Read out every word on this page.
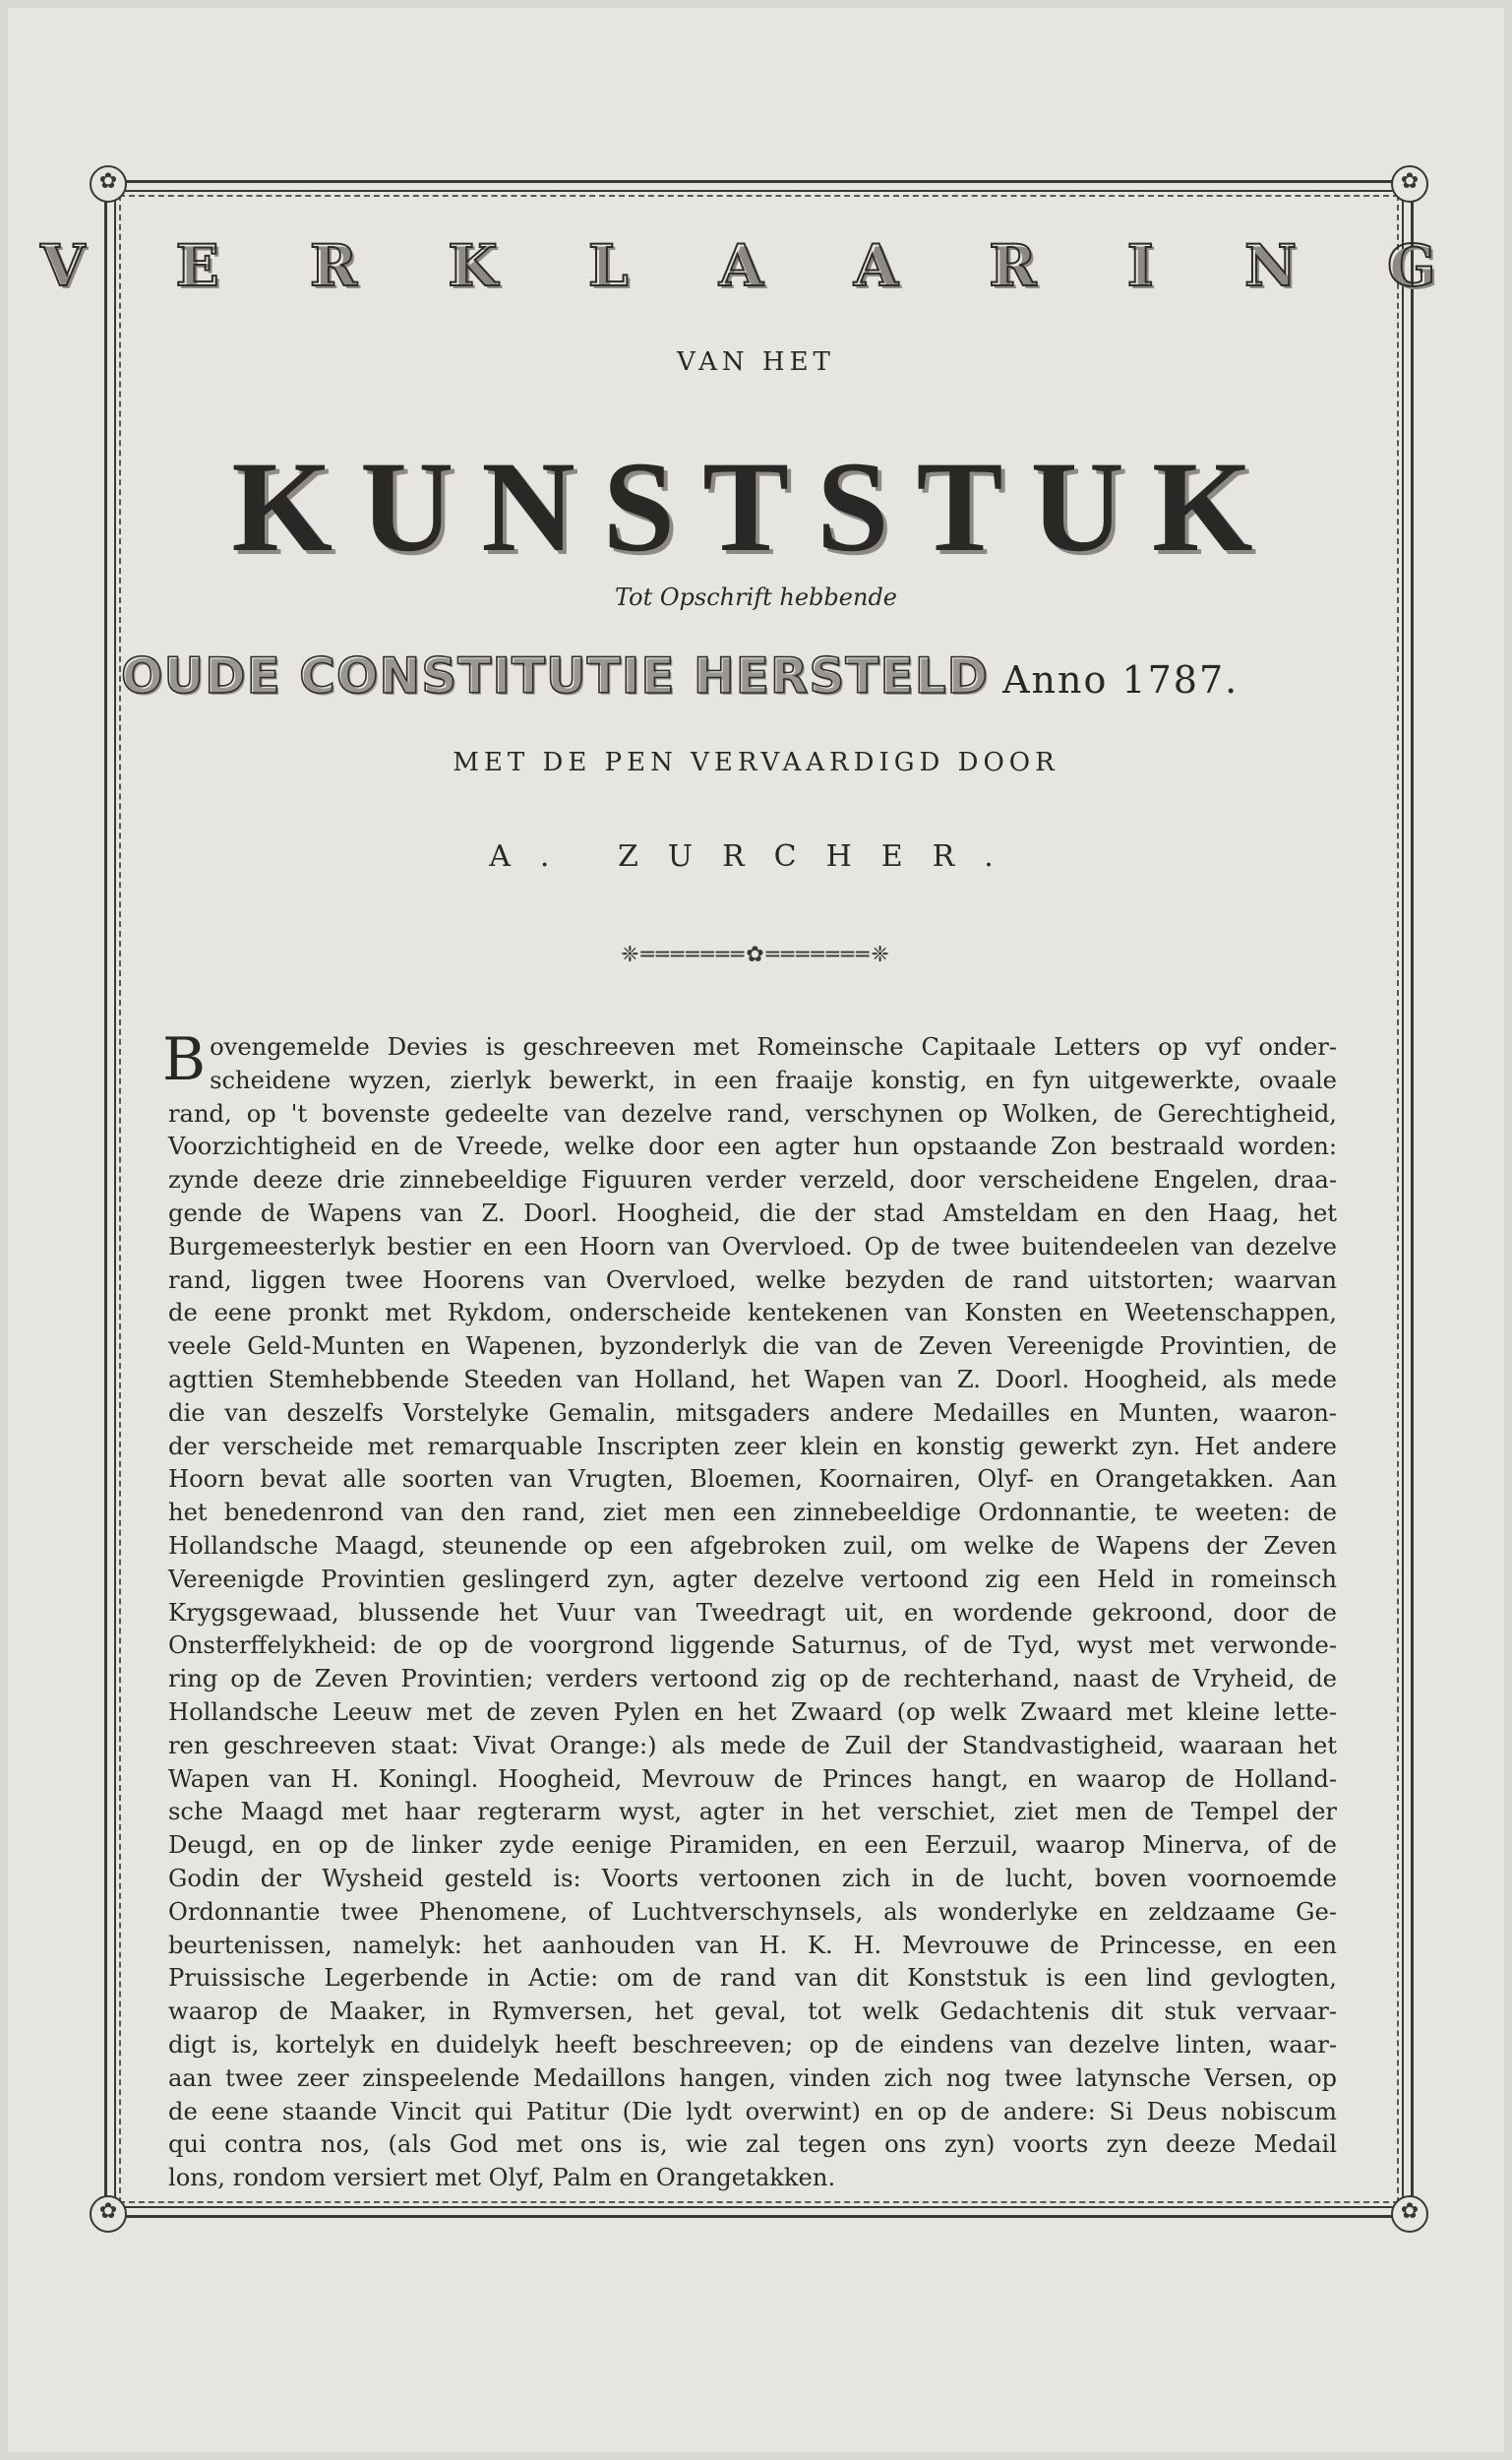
✿	✿
✿	✿
V E R K L A A R I N G
VAN HET
KUNSTSTUK
Tot Opschrift hebbende
OUDE CONSTITUTIE HERSTELD Anno 1787.
MET DE PEN VERVAARDIGD DOOR
A. ZURCHER.
❈═══════✿═══════❈
B ovengemelde Devies is geschreeven met Romeinsche Capitaale Letters op vyf onder-
scheidene wyzen, zierlyk bewerkt, in een fraaije konstig, en fyn uitgewerkte, ovaale
rand, op 't bovenste gedeelte van dezelve rand, verschynen op Wolken, de Gerechtigheid,
Voorzichtigheid en de Vreede, welke door een agter hun opstaande Zon bestraald worden:
zynde deeze drie zinnebeeldige Figuuren verder verzeld, door verscheidene Engelen, draa-
gende de Wapens van Z. Doorl. Hoogheid, die der stad Amsteldam en den Haag, het
Burgemeesterlyk bestier en een Hoorn van Overvloed. Op de twee buitendeelen van dezelve
rand, liggen twee Hoorens van Overvloed, welke bezyden de rand uitstorten; waarvan
de eene pronkt met Rykdom, onderscheide kentekenen van Konsten en Weetenschappen,
veele Geld-Munten en Wapenen, byzonderlyk die van de Zeven Vereenigde Provintien, de
agttien Stemhebbende Steeden van Holland, het Wapen van Z. Doorl. Hoogheid, als mede
die van deszelfs Vorstelyke Gemalin, mitsgaders andere Medailles en Munten, waaron-
der verscheide met remarquable Inscripten zeer klein en konstig gewerkt zyn. Het andere
Hoorn bevat alle soorten van Vrugten, Bloemen, Koornairen, Olyf- en Orangetakken. Aan
het benedenrond van den rand, ziet men een zinnebeeldige Ordonnantie, te weeten: de
Hollandsche Maagd, steunende op een afgebroken zuil, om welke de Wapens der Zeven
Vereenigde Provintien geslingerd zyn, agter dezelve vertoond zig een Held in romeinsch
Krygsgewaad, blussende het Vuur van Tweedragt uit, en wordende gekroond, door de
Onsterffelykheid: de op de voorgrond liggende Saturnus, of de Tyd, wyst met verwonde-
ring op de Zeven Provintien; verders vertoond zig op de rechterhand, naast de Vryheid, de
Hollandsche Leeuw met de zeven Pylen en het Zwaard (op welk Zwaard met kleine lette-
ren geschreeven staat: Vivat Orange:) als mede de Zuil der Standvastigheid, waaraan het
Wapen van H. Koningl. Hoogheid, Mevrouw de Princes hangt, en waarop de Holland-
sche Maagd met haar regterarm wyst, agter in het verschiet, ziet men de Tempel der
Deugd, en op de linker zyde eenige Piramiden, en een Eerzuil, waarop Minerva, of de
Godin der Wysheid gesteld is: Voorts vertoonen zich in de lucht, boven voornoemde
Ordonnantie twee Phenomene, of Luchtverschynsels, als wonderlyke en zeldzaame Ge-
beurtenissen, namelyk: het aanhouden van H. K. H. Mevrouwe de Princesse, en een
Pruissische Legerbende in Actie: om de rand van dit Konststuk is een lind gevlogten,
waarop de Maaker, in Rymversen, het geval, tot welk Gedachtenis dit stuk vervaar-
digt is, kortelyk en duidelyk heeft beschreeven; op de eindens van dezelve linten, waar-
aan twee zeer zinspeelende Medaillons hangen, vinden zich nog twee latynsche Versen, op
de eene staande Vincit qui Patitur (Die lydt overwint) en op de andere: Si Deus nobiscum
qui contra nos, (als God met ons is, wie zal tegen ons zyn) voorts zyn deeze Medail
lons, rondom versiert met Olyf, Palm en Orangetakken.
